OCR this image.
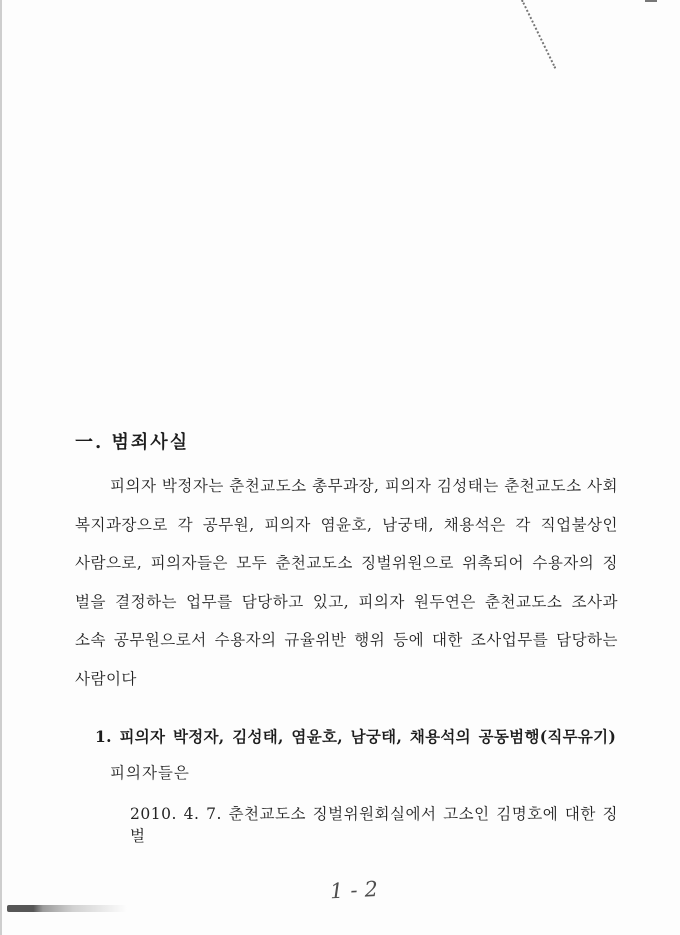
一. 범죄사실
피의자 박정자는 춘천교도소 총무과장, 피의자 김성태는 춘천교도소 사회
복지과장으로 각 공무원, 피의자 염윤호, 남궁태, 채용석은 각 직업불상인
사람으로, 피의자들은 모두 춘천교도소 징벌위원으로 위촉되어 수용자의 징
벌을 결정하는 업무를 담당하고 있고, 피의자 원두연은 춘천교도소 조사과
소속 공무원으로서 수용자의 규율위반 행위 등에 대한 조사업무를 담당하는
사람이다
1. 피의자 박정자, 김성태, 염윤호, 남궁태, 채용석의 공동범행(직무유기)
피의자들은
2010. 4. 7. 춘천교도소 징벌위원회실에서 고소인 김명호에 대한 징벌
1-2
